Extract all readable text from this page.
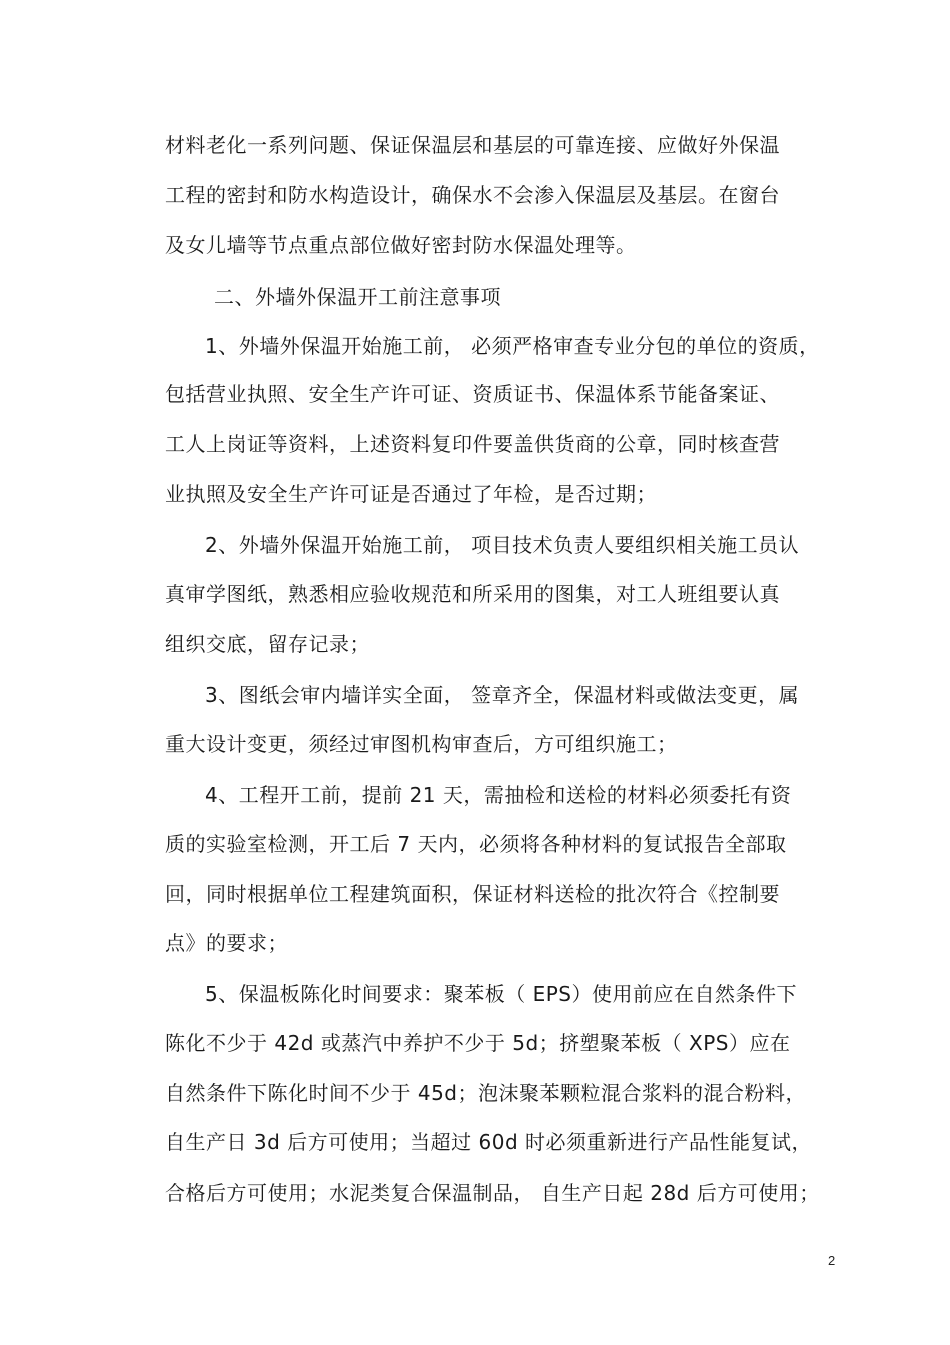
材料老化一系列问题、保证保温层和基层的可靠连接、应做好外保温
工程的密封和防水构造设计，确保水不会渗入保温层及基层。在窗台
及女儿墙等节点重点部位做好密封防水保温处理等。
二、外墙外保温开工前注意事项
1、外墙外保温开始施工前， 必须严格审查专业分包的单位的资质，
包括营业执照、安全生产许可证、资质证书、保温体系节能备案证、
工人上岗证等资料，上述资料复印件要盖供货商的公章，同时核查营
业执照及安全生产许可证是否通过了年检，是否过期；
2、外墙外保温开始施工前， 项目技术负责人要组织相关施工员认
真审学图纸，熟悉相应验收规范和所采用的图集，对工人班组要认真
组织交底，留存记录；
3、图纸会审内墙详实全面， 签章齐全，保温材料或做法变更，属
重大设计变更，须经过审图机构审查后，方可组织施工；
4、工程开工前，提前 21 天，需抽检和送检的材料必须委托有资
质的实验室检测，开工后 7 天内，必须将各种材料的复试报告全部取
回，同时根据单位工程建筑面积，保证材料送检的批次符合《控制要
点》的要求；
5、保温板陈化时间要求：聚苯板（ EPS）使用前应在自然条件下
陈化不少于 42d 或蒸汽中养护不少于 5d；挤塑聚苯板（ XPS）应在
自然条件下陈化时间不少于 45d；泡沫聚苯颗粒混合浆料的混合粉料，
自生产日 3d 后方可使用；当超过 60d 时必须重新进行产品性能复试，
合格后方可使用；水泥类复合保温制品， 自生产日起 28d 后方可使用；
2
